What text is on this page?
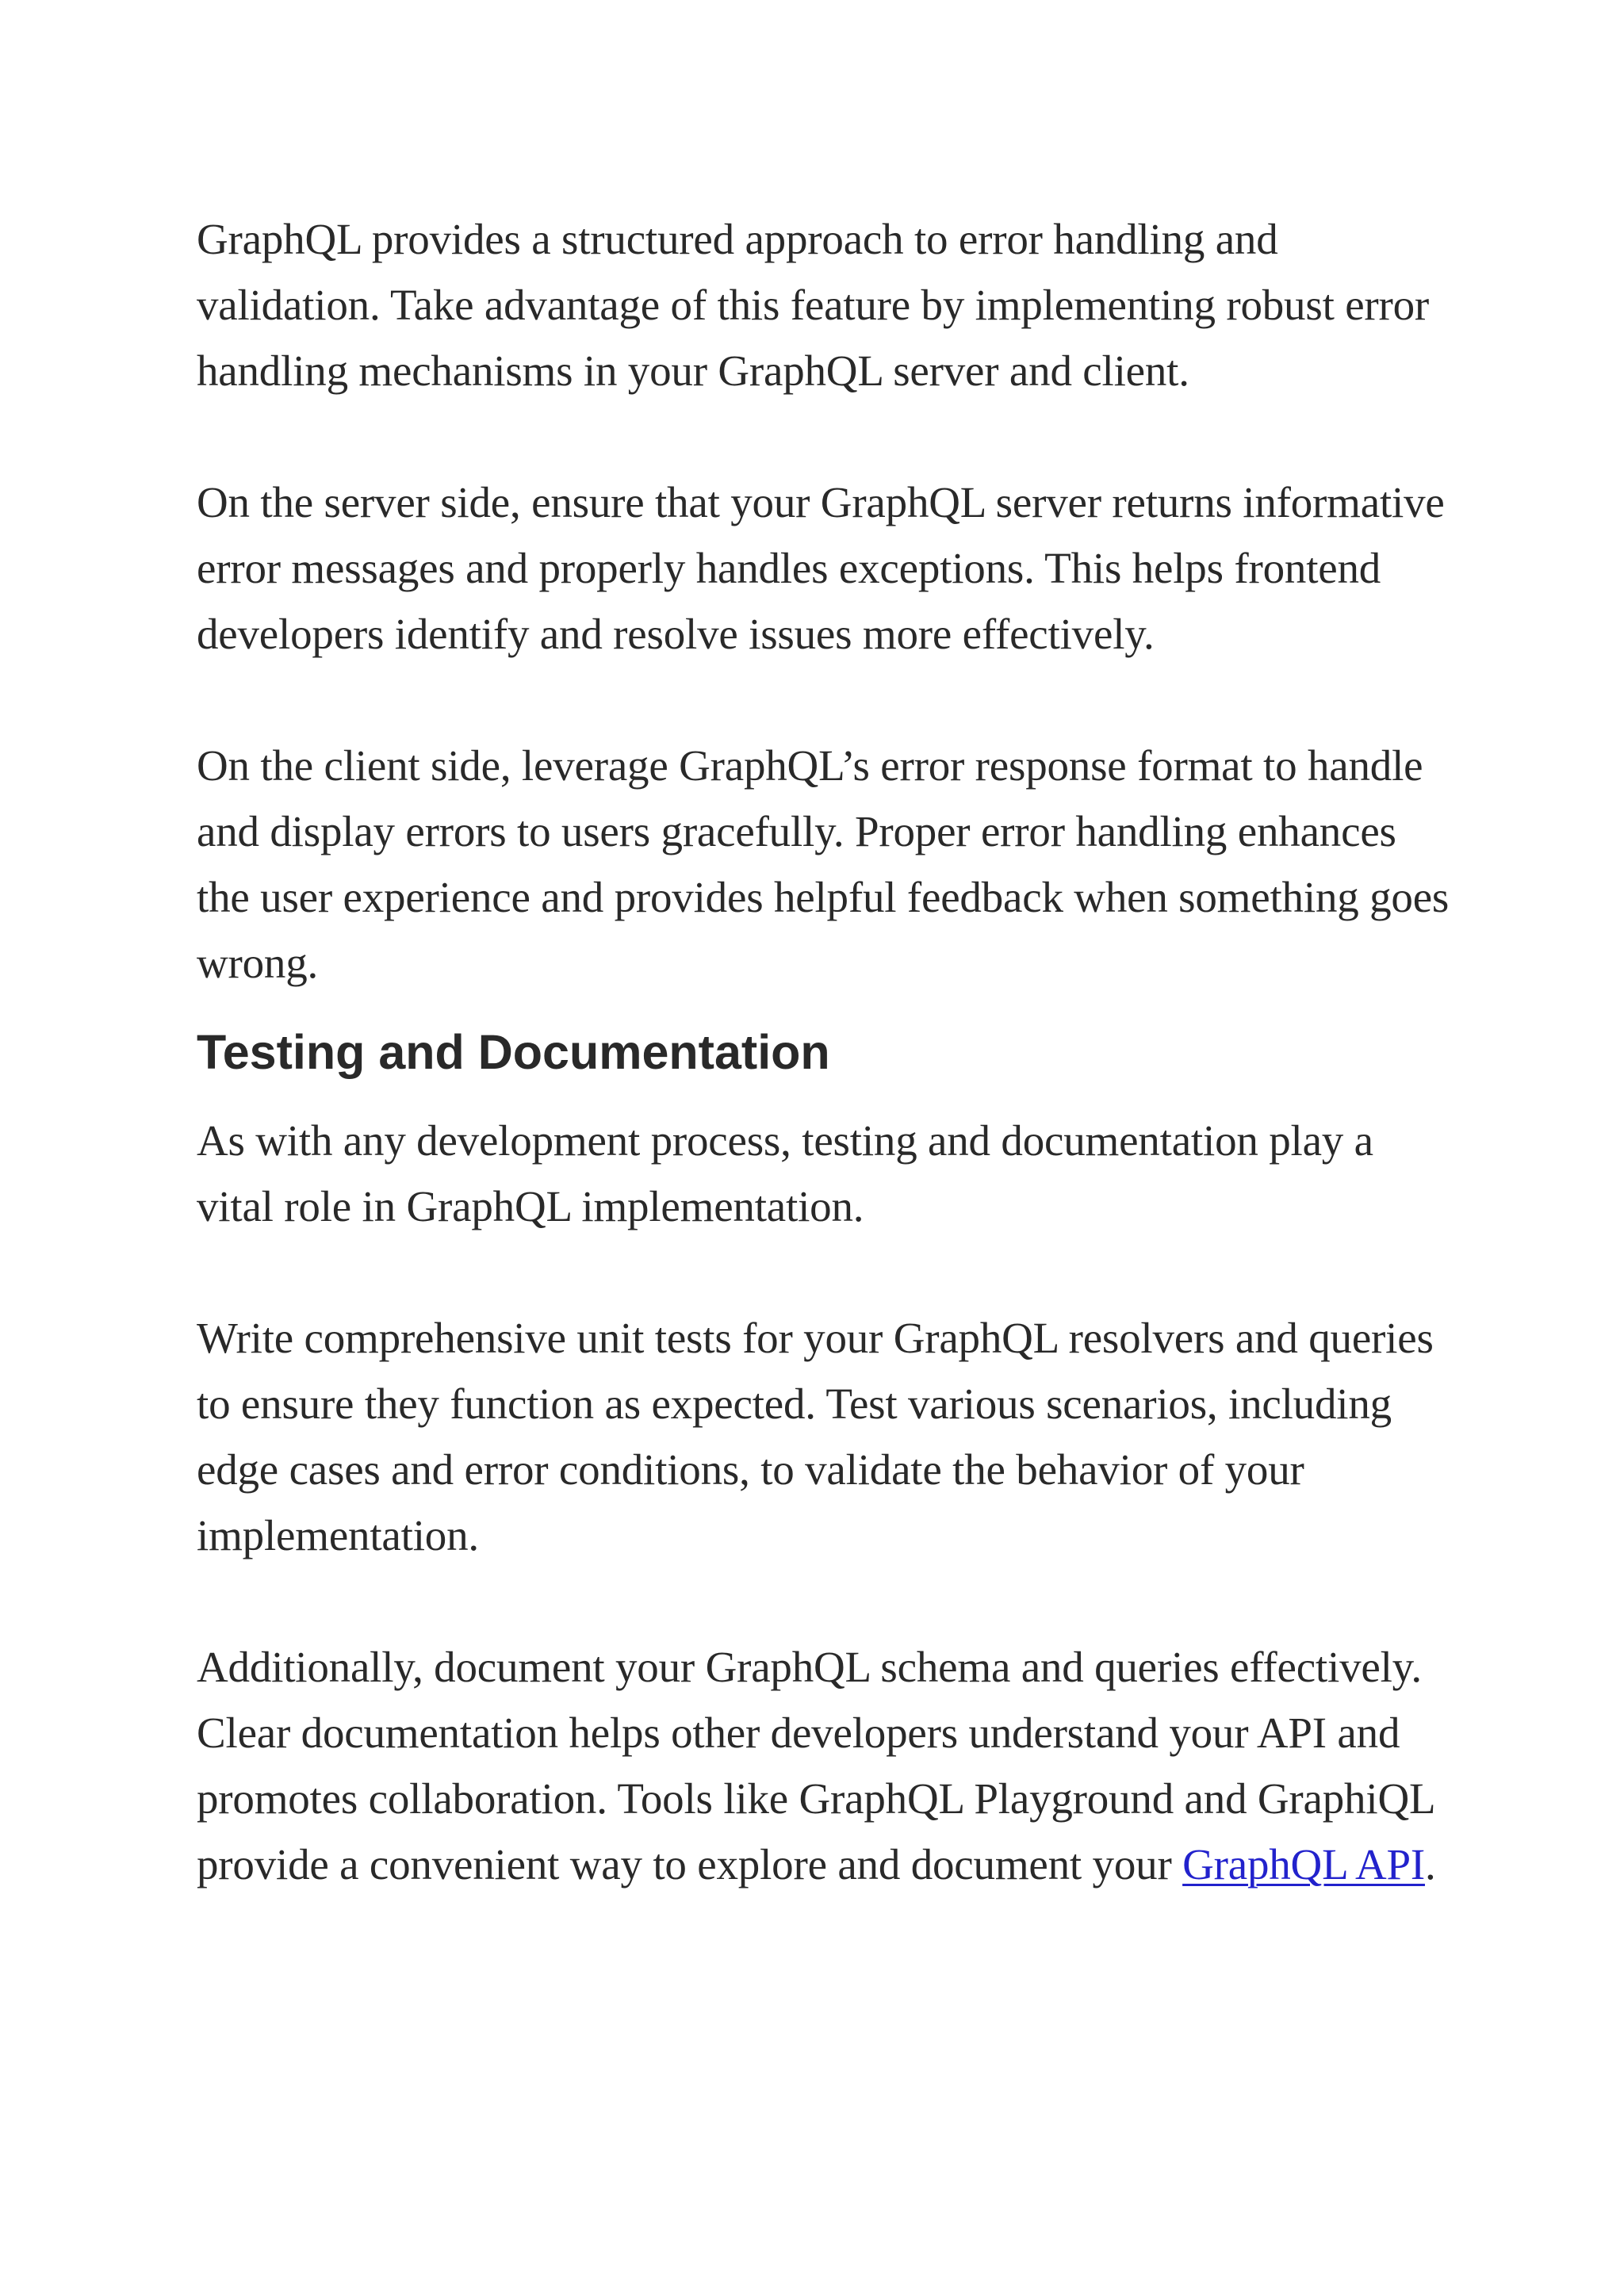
GraphQL provides a structured approach to error handling and validation. Take advantage of this feature by implementing robust error handling mechanisms in your GraphQL server and client.

On the server side, ensure that your GraphQL server returns informative error messages and properly handles exceptions. This helps frontend developers identify and resolve issues more effectively.

On the client side, leverage GraphQL’s error response format to handle and display errors to users gracefully. Proper error handling enhances the user experience and provides helpful feedback when something goes wrong.

Testing and Documentation

As with any development process, testing and documentation play a vital role in GraphQL implementation.

Write comprehensive unit tests for your GraphQL resolvers and queries to ensure they function as expected. Test various scenarios, including edge cases and error conditions, to validate the behavior of your implementation.

Additionally, document your GraphQL schema and queries effectively. Clear documentation helps other developers understand your API and promotes collaboration. Tools like GraphQL Playground and GraphiQL provide a convenient way to explore and document your GraphQL API.
